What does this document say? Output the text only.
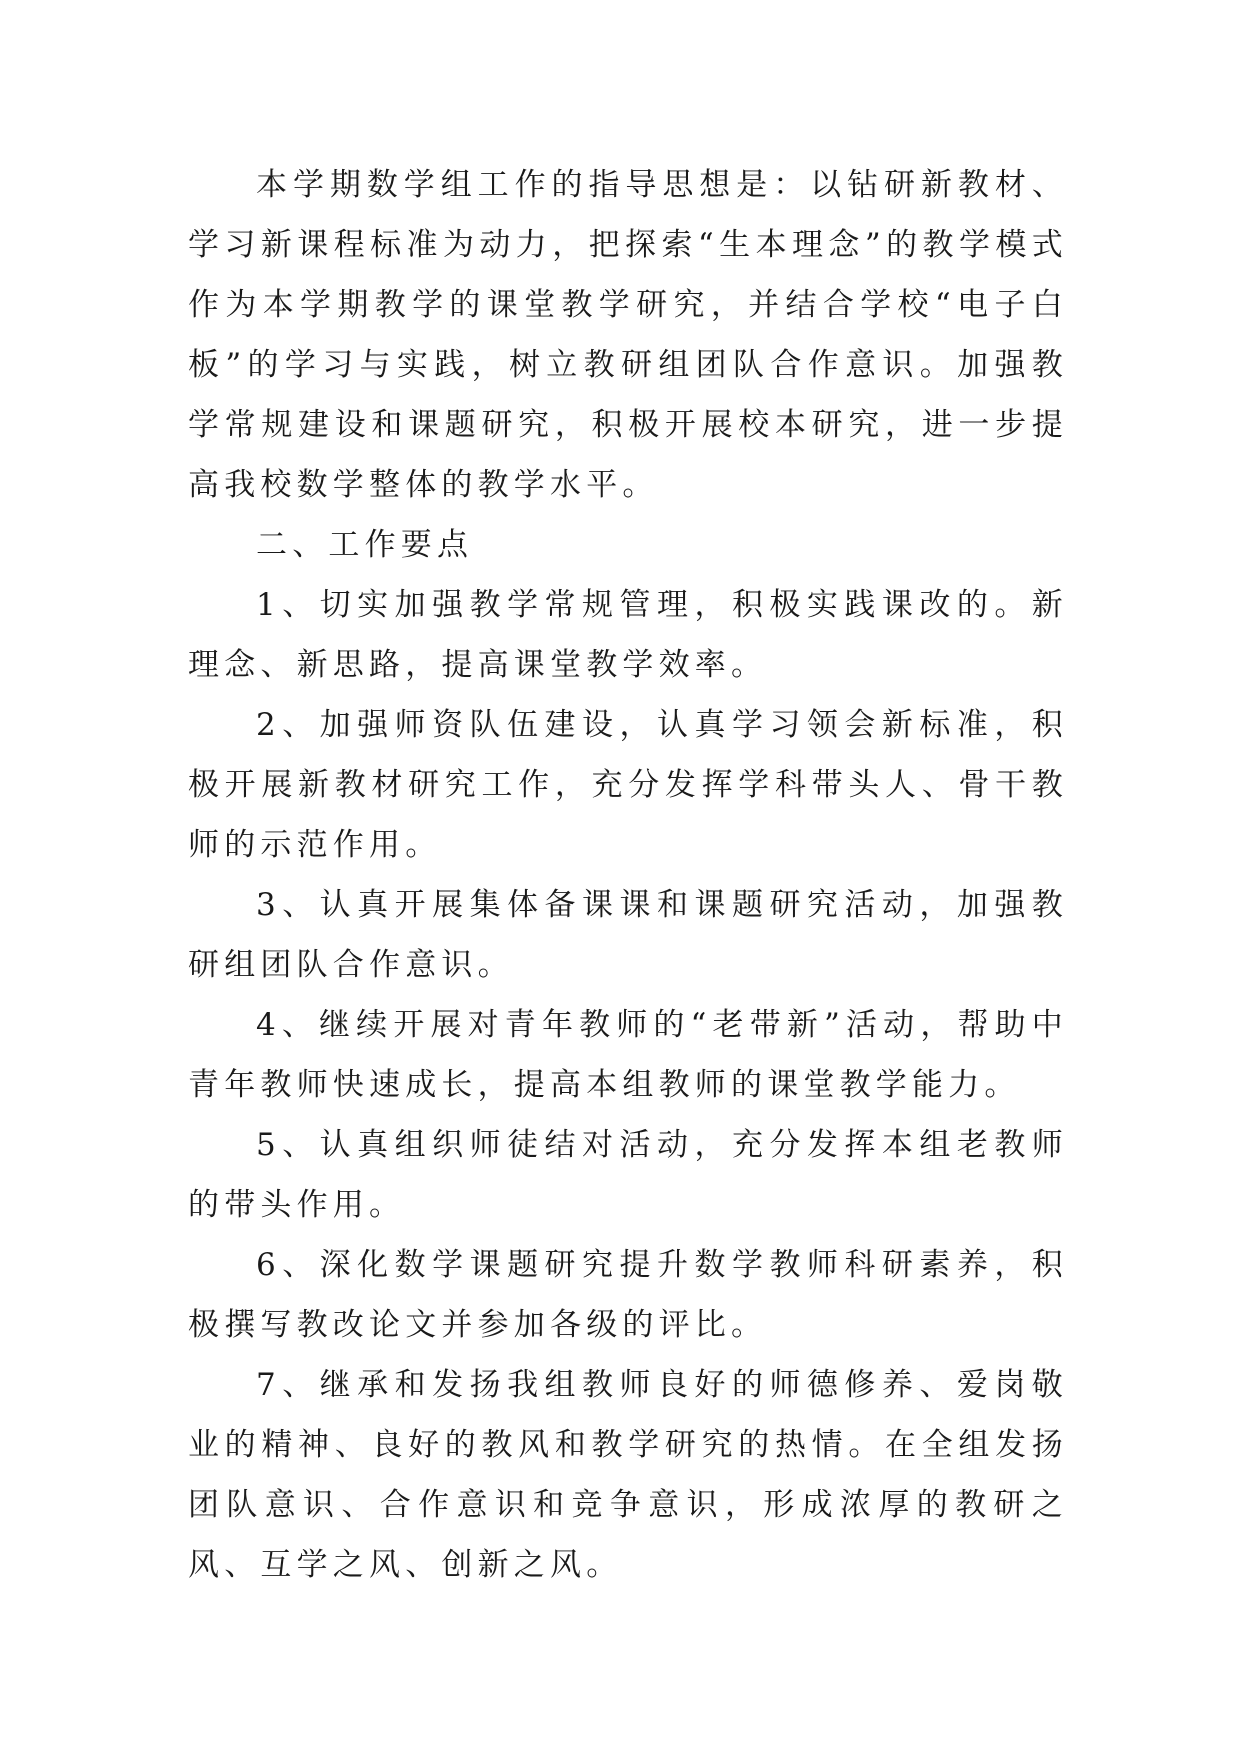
本学期数学组工作的指导思想是：以钻研新教材、学习新课程标准为动力，把探索“生本理念”的教学模式作为本学期教学的课堂教学研究，并结合学校“电子白板”的学习与实践，树立教研组团队合作意识。加强教学常规建设和课题研究，积极开展校本研究，进一步提高我校数学整体的教学水平。

二、工作要点

1、切实加强教学常规管理，积极实践课改的。新理念、新思路，提高课堂教学效率。

2、加强师资队伍建设，认真学习领会新标准，积极开展新教材研究工作，充分发挥学科带头人、骨干教师的示范作用。

3、认真开展集体备课课和课题研究活动，加强教研组团队合作意识。

4、继续开展对青年教师的“老带新”活动，帮助中青年教师快速成长，提高本组教师的课堂教学能力。

5、认真组织师徒结对活动，充分发挥本组老教师的带头作用。

6、深化数学课题研究提升数学教师科研素养，积极撰写教改论文并参加各级的评比。

7、继承和发扬我组教师良好的师德修养、爱岗敬业的精神、良好的教风和教学研究的热情。在全组发扬团队意识、合作意识和竞争意识，形成浓厚的教研之风、互学之风、创新之风。
